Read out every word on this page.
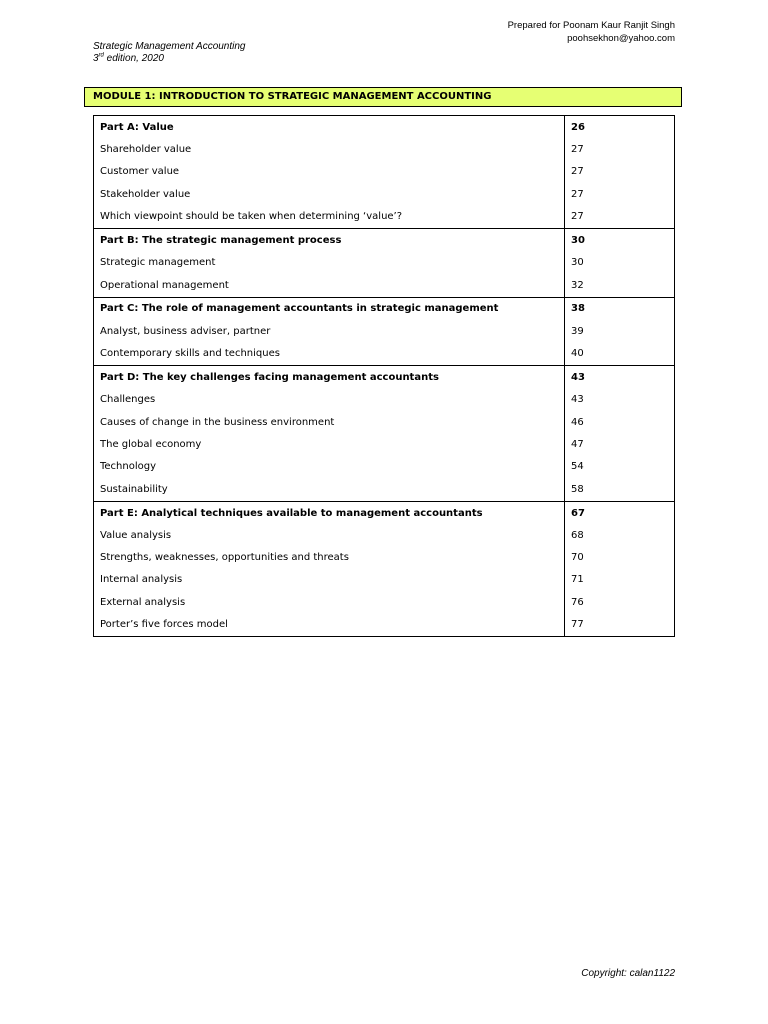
Prepared for Poonam Kaur Ranjit Singh
poohsekhon@yahoo.com
Strategic Management Accounting
3rd edition, 2020
MODULE 1: INTRODUCTION TO STRATEGIC MANAGEMENT ACCOUNTING
Part A: Value	26
Shareholder value	27
Customer value	27
Stakeholder value	27
Which viewpoint should be taken when determining ‘value’?	27
Part B: The strategic management process	30
Strategic management	30
Operational management	32
Part C: The role of management accountants in strategic management	38
Analyst, business adviser, partner	39
Contemporary skills and techniques	40
Part D: The key challenges facing management accountants	43
Challenges	43
Causes of change in the business environment	46
The global economy	47
Technology	54
Sustainability	58
Part E: Analytical techniques available to management accountants	67
Value analysis	68
Strengths, weaknesses, opportunities and threats	70
Internal analysis	71
External analysis	76
Porter’s five forces model	77
Copyright: calan1122
